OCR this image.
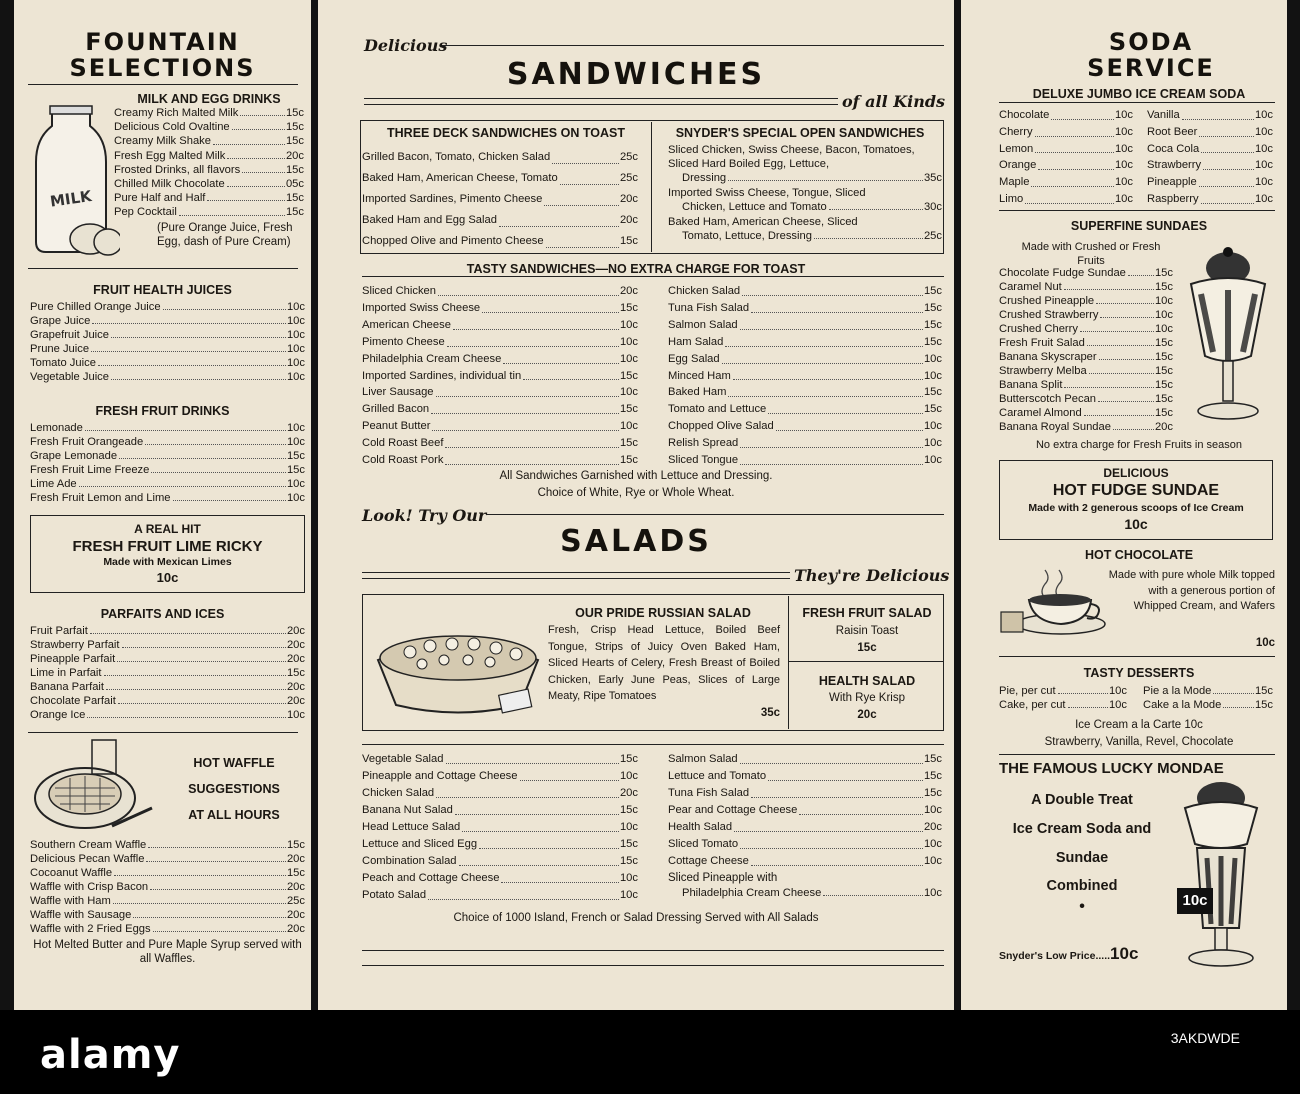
FOUNTAIN
SELECTIONS
MILK AND EGG DRINKS
MILK
Creamy Rich Malted Milk	15c
Delicious Cold Ovaltine	15c
Creamy Milk Shake	15c
Fresh Egg Malted Milk	20c
Frosted Drinks, all flavors	15c
Chilled Milk Chocolate	05c
Pure Half and Half	15c
Pep Cocktail	15c
(Pure Orange Juice, Fresh Egg, dash of Pure Cream)
FRUIT HEALTH JUICES
Pure Chilled Orange Juice	10c
Grape Juice	10c
Grapefruit Juice	10c
Prune Juice	10c
Tomato Juice	10c
Vegetable Juice	10c
FRESH FRUIT DRINKS
Lemonade	10c
Fresh Fruit Orangeade	10c
Grape Lemonade	15c
Fresh Fruit Lime Freeze	15c
Lime Ade	10c
Fresh Fruit Lemon and Lime	10c
A REAL HIT
FRESH FRUIT LIME RICKY
Made with Mexican Limes
10c
PARFAITS AND ICES
Fruit Parfait	20c
Strawberry Parfait	20c
Pineapple Parfait	20c
Lime in Parfait	15c
Banana Parfait	20c
Chocolate Parfait	20c
Orange Ice	10c
HOT WAFFLE
SUGGESTIONS
AT ALL HOURS
Southern Cream Waffle	15c
Delicious Pecan Waffle	20c
Cocoanut Waffle	15c
Waffle with Crisp Bacon	20c
Waffle with Ham	25c
Waffle with Sausage	20c
Waffle with 2 Fried Eggs	20c
Hot Melted Butter and Pure Maple Syrup served with all Waffles.
Delicious
SANDWICHES
of all Kinds
THREE DECK SANDWICHES ON TOAST
Grilled Bacon, Tomato, Chicken Salad	25c
Baked Ham, American Cheese, Tomato	25c
Imported Sardines, Pimento Cheese	20c
Baked Ham and Egg Salad	20c
Chopped Olive and Pimento Cheese	15c
SNYDER'S SPECIAL OPEN SANDWICHES
Sliced Chicken, Swiss Cheese, Bacon, Tomatoes, Sliced Hard Boiled Egg, Lettuce,
Dressing	35c
Imported Swiss Cheese, Tongue, Sliced
Chicken, Lettuce and Tomato	30c
Baked Ham, American Cheese, Sliced
Tomato, Lettuce, Dressing	25c
TASTY SANDWICHES—NO EXTRA CHARGE FOR TOAST
Sliced Chicken	20c
Imported Swiss Cheese	15c
American Cheese	10c
Pimento Cheese	10c
Philadelphia Cream Cheese	10c
Imported Sardines, individual tin	15c
Liver Sausage	10c
Grilled Bacon	15c
Peanut Butter	10c
Cold Roast Beef	15c
Cold Roast Pork	15c
Chicken Salad	15c
Tuna Fish Salad	15c
Salmon Salad	15c
Ham Salad	15c
Egg Salad	10c
Minced Ham	10c
Baked Ham	15c
Tomato and Lettuce	15c
Chopped Olive Salad	10c
Relish Spread	10c
Sliced Tongue	10c
All Sandwiches Garnished with Lettuce and Dressing.
Choice of White, Rye or Whole Wheat.
Look! Try Our
SALADS
They're Delicious
OUR PRIDE RUSSIAN SALAD
Fresh, Crisp Head Lettuce, Boiled Beef Tongue, Strips of Juicy Oven Baked Ham, Sliced Hearts of Celery, Fresh Breast of Boiled Chicken, Early June Peas, Slices of Large Meaty, Ripe Tomatoes
35c
FRESH FRUIT SALAD
Raisin Toast
15c
HEALTH SALAD
With Rye Krisp
20c
Vegetable Salad	15c
Pineapple and Cottage Cheese	10c
Chicken Salad	20c
Banana Nut Salad	15c
Head Lettuce Salad	10c
Lettuce and Sliced Egg	15c
Combination Salad	15c
Peach and Cottage Cheese	10c
Potato Salad	10c
Salmon Salad	15c
Lettuce and Tomato	15c
Tuna Fish Salad	15c
Pear and Cottage Cheese	10c
Health Salad	20c
Sliced Tomato	10c
Cottage Cheese	10c
Sliced Pineapple with
Philadelphia Cream Cheese	10c
Choice of 1000 Island, French or Salad Dressing Served with All Salads
SODA
SERVICE
DELUXE JUMBO ICE CREAM SODA
Chocolate	10c
Cherry	10c
Lemon	10c
Orange	10c
Maple	10c
Limo	10c
Vanilla	10c
Root Beer	10c
Coca Cola	10c
Strawberry	10c
Pineapple	10c
Raspberry	10c
SUPERFINE SUNDAES
Made with Crushed or Fresh Fruits
Chocolate Fudge Sundae	15c
Caramel Nut	15c
Crushed Pineapple	10c
Crushed Strawberry	10c
Crushed Cherry	10c
Fresh Fruit Salad	15c
Banana Skyscraper	15c
Strawberry Melba	15c
Banana Split	15c
Butterscotch Pecan	15c
Caramel Almond	15c
Banana Royal Sundae	20c
No extra charge for Fresh Fruits in season
DELICIOUS
HOT FUDGE SUNDAE
Made with 2 generous scoops of Ice Cream
10c
HOT CHOCOLATE
Made with pure whole Milk topped with a generous portion of Whipped Cream, and Wafers
10c
TASTY DESSERTS
Pie, per cut	10c
Cake, per cut	10c
Pie a la Mode	15c
Cake a la Mode	15c
Ice Cream a la Carte 10c
Strawberry, Vanilla, Revel, Chocolate
THE FAMOUS LUCKY MONDAE
A Double Treat
Ice Cream Soda and
Sundae
Combined
•	10c
Snyder's Low Price.....10c
alamy	3AKDWDE
